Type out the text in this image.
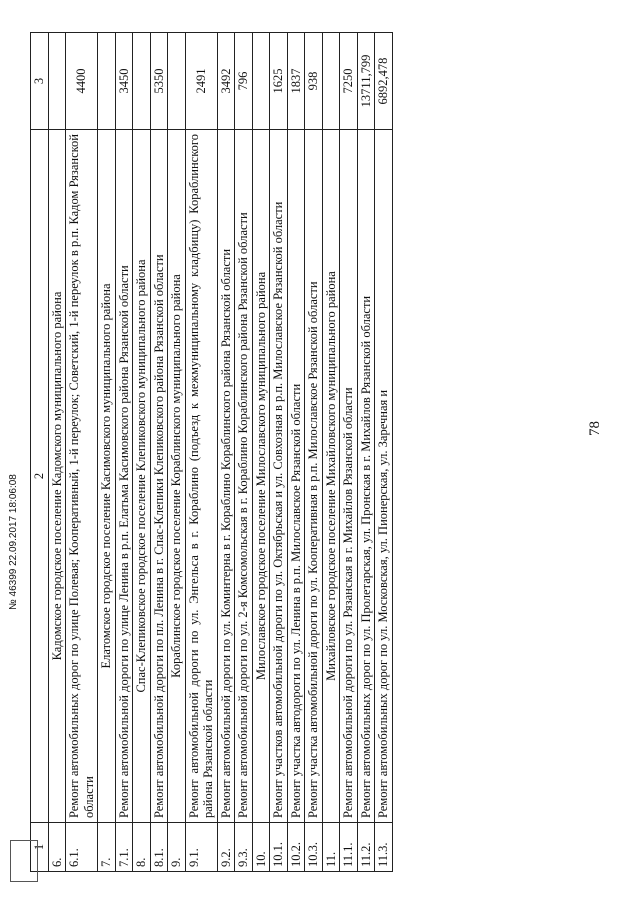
78
1	2	3
6.	Кадомское городское поселение Кадомского муниципального района	
6.1.	Ремонт автомобильных дорог по улице Полевая; Кооперативный, 1-й переулок; Советский, 1-й переулок в р.п. Кадом Рязанской области	4400
7.	Елатомское городское поселение Касимовского муниципального района	
7.1.	Ремонт автомобильной дороги по улице Ленина в р.п. Елатьма Касимовского района Рязанской области	3450
8.	Спас-Клепиковское городское поселение Клепиковского муниципального района	
8.1.	Ремонт автомобильной дороги по пл. Ленина в г. Спас-Клепики Клепиковского района Рязанской области	5350
9.	Кораблинское городское поселение Кораблинского муниципального района	
9.1.	Ремонт автомобильной дороги по ул. Энгельса в г. Кораблино (подъезд к межмуниципальному кладбищу) Кораблинского района Рязанской области	2491
9.2.	Ремонт автомобильной дороги по ул. Коминтерна в г. Кораблино Кораблинского района Рязанской области	3492
9.3.	Ремонт автомобильной дороги по ул. 2-я Комсомольская в г. Кораблино Кораблинского района Рязанской области	796
10.	Милославское городское поселение Милославского муниципального района	
10.1.	Ремонт участков автомобильной дороги по ул. Октябрьская и ул. Совхозная в р.п. Милославское Рязанской области	1625
10.2.	Ремонт участка автодороги по ул. Ленина в р.п. Милославское Рязанской области	1837
10.3.	Ремонт участка автомобильной дороги по ул. Кооперативная в р.п. Милославское Рязанской области	938
11.	Михайловское городское поселение Михайловского муниципального района	
11.1.	Ремонт автомобильной дороги по ул. Рязанская в г. Михайлов Рязанской области	7250
11.2.	Ремонт автомобильных дорог по ул. Пролетарская, ул. Пронская в г. Михайлов Рязанской области	13711,799
11.3.	Ремонт автомобильных дорог по ул. Московская, ул. Пионерская, ул. Заречная и	6892,478
№ 46399 22.09.2017 18:06:08
